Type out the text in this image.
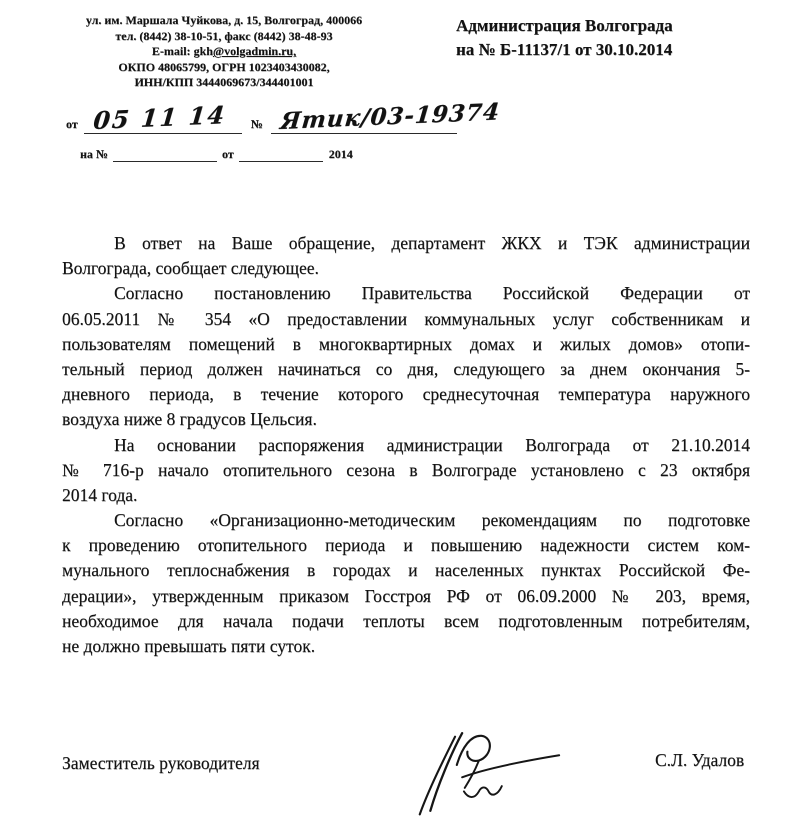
ул. им. Маршала Чуйкова, д. 15, Волгоград, 400066
тел. (8442) 38-10-51, факс (8442) 38-48-93
E-mail: gkh@volgadmin.ru,
ОКПО 48065799, ОГРН 1023403430082,
ИНН/КПП 3444069673/344401001
Администрация Волгограда
на № Б-11137/1 от 30.10.2014
от 05 11 14 № Ятик/03-19374
на №	от	2014
В ответ на Ваше обращение, департамент ЖКХ и ТЭК администрации
Волгограда, сообщает следующее.
Согласно постановлению Правительства Российской Федерации от
06.05.2011 № 354 «О предоставлении коммунальных услуг собственникам и
пользователям помещений в многоквартирных домах и жилых домов» отопи-
тельный период должен начинаться со дня, следующего за днем окончания 5-
дневного периода, в течение которого среднесуточная температура наружного
воздуха ниже 8 градусов Цельсия.
На основании распоряжения администрации Волгограда от 21.10.2014
№ 716-р начало отопительного сезона в Волгограде установлено с 23 октября
2014 года.
Согласно «Организационно-методическим рекомендациям по подготовке
к проведению отопительного периода и повышению надежности систем ком-
мунального теплоснабжения в городах и населенных пунктах Российской Фе-
дерации», утвержденным приказом Госстроя РФ от 06.09.2000 № 203, время,
необходимое для начала подачи теплоты всем подготовленным потребителям,
не должно превышать пяти суток.
Заместитель руководителя	С.Л. Удалов
